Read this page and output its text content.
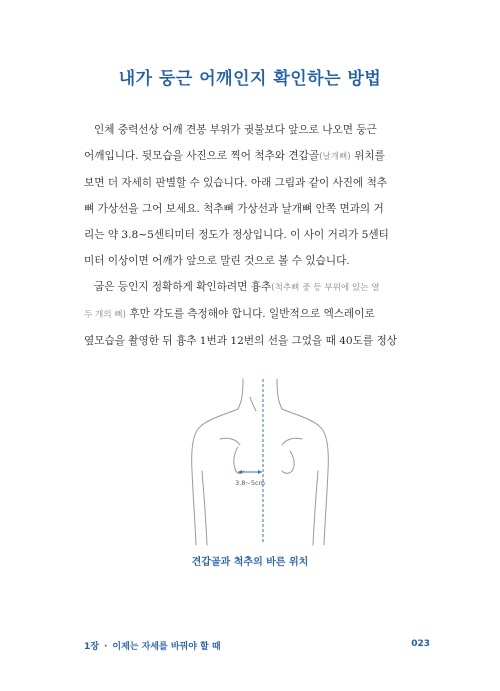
내가 둥근 어깨인지 확인하는 방법

인체 중력선상 어깨 견봉 부위가 귓불보다 앞으로 나오면 둥근
어깨입니다. 뒷모습을 사진으로 찍어 척추와 견갑골(날개뼈) 위치를
보면 더 자세히 판별할 수 있습니다. 아래 그림과 같이 사진에 척추
뼈 가상선을 그어 보세요. 척추뼈 가상선과 날개뼈 안쪽 면과의 거
리는 약 3.8~5센티미터 정도가 정상입니다. 이 사이 거리가 5센티
미터 이상이면 어깨가 앞으로 말린 것으로 볼 수 있습니다.

굽은 등인지 정확하게 확인하려면 흉추(척추뼈 중 등 부위에 있는 열
두 개의 뼈) 후만 각도를 측정해야 합니다. 일반적으로 엑스레이로
옆모습을 촬영한 뒤 흉추 1번과 12번의 선을 그었을 때 40도를 정상

3.8~5cm
견갑골과 척추의 바른 위치
1장 · 이제는 자세를 바꿔야 할 때	023
